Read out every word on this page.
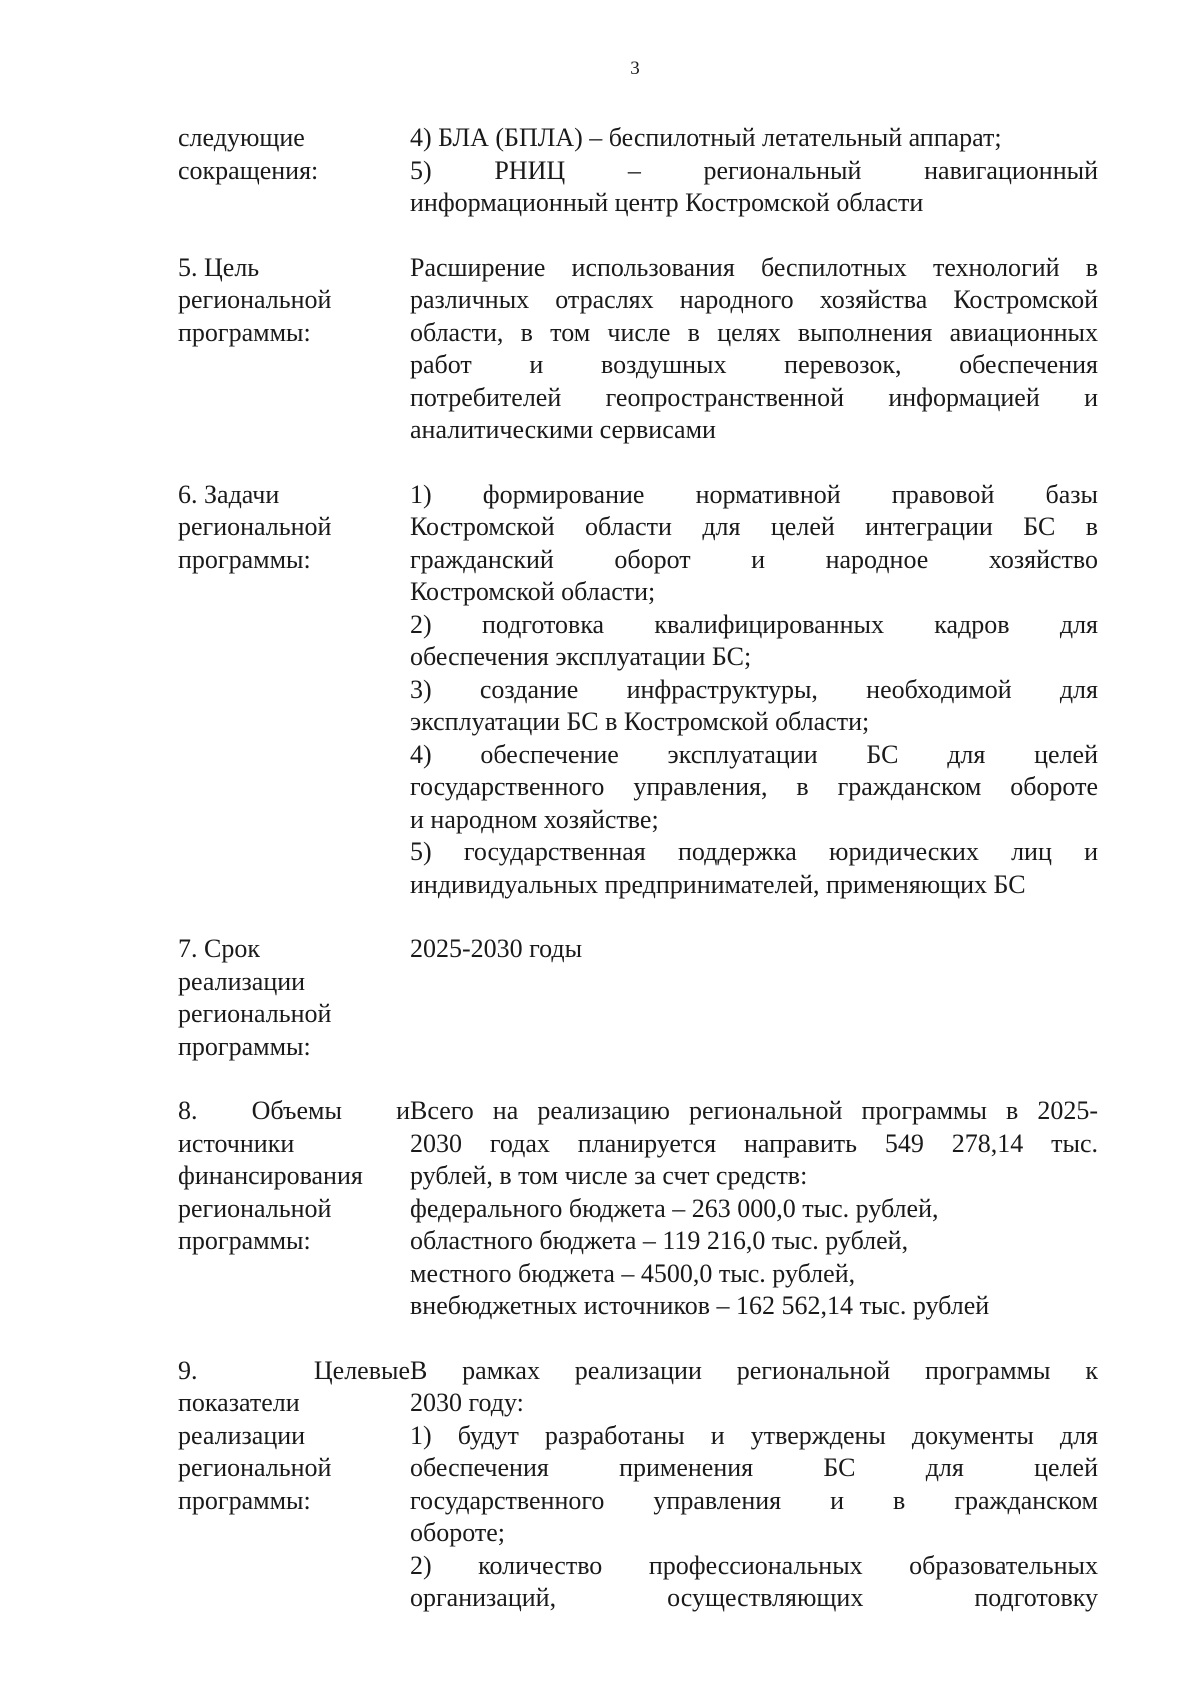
3
следующие
сокращения:
4) БЛА (БПЛА) – беспилотный летательный аппарат;
5) РНИЦ – региональный навигационный
информационный центр Костромской области
5. Цель
региональной
программы:
Расширение использования беспилотных технологий в
различных отраслях народного хозяйства Костромской
области, в том числе в целях выполнения авиационных
работ и воздушных перевозок, обеспечения
потребителей геопространственной информацией и
аналитическими сервисами
6. Задачи
региональной
программы:
1) формирование нормативной правовой базы
Костромской области для целей интеграции БС в
гражданский оборот и народное хозяйство
Костромской области;
2) подготовка квалифицированных кадров для
обеспечения эксплуатации БС;
3) создание инфраструктуры, необходимой для
эксплуатации БС в Костромской области;
4) обеспечение эксплуатации БС для целей
государственного управления, в гражданском обороте
и народном хозяйстве;
5) государственная поддержка юридических лиц и
индивидуальных предпринимателей, применяющих БС
7. Срок
реализации
региональной
программы:
2025-2030 годы
8. Объемы и
источники
финансирования
региональной
программы:
Всего на реализацию региональной программы в 2025-
2030 годах планируется направить 549 278,14 тыс.
рублей, в том числе за счет средств:
федерального бюджета – 263 000,0 тыс. рублей,
областного бюджета – 119 216,0 тыс. рублей,
местного бюджета – 4500,0 тыс. рублей,
внебюджетных источников – 162 562,14 тыс. рублей
9.	Целевые
показатели
реализации
региональной
программы:
В рамках реализации региональной программы к
2030 году:
1) будут разработаны и утверждены документы для
обеспечения применения БС для целей
государственного управления и в гражданском
обороте;
2) количество профессиональных образовательных
организаций, осуществляющих подготовку
